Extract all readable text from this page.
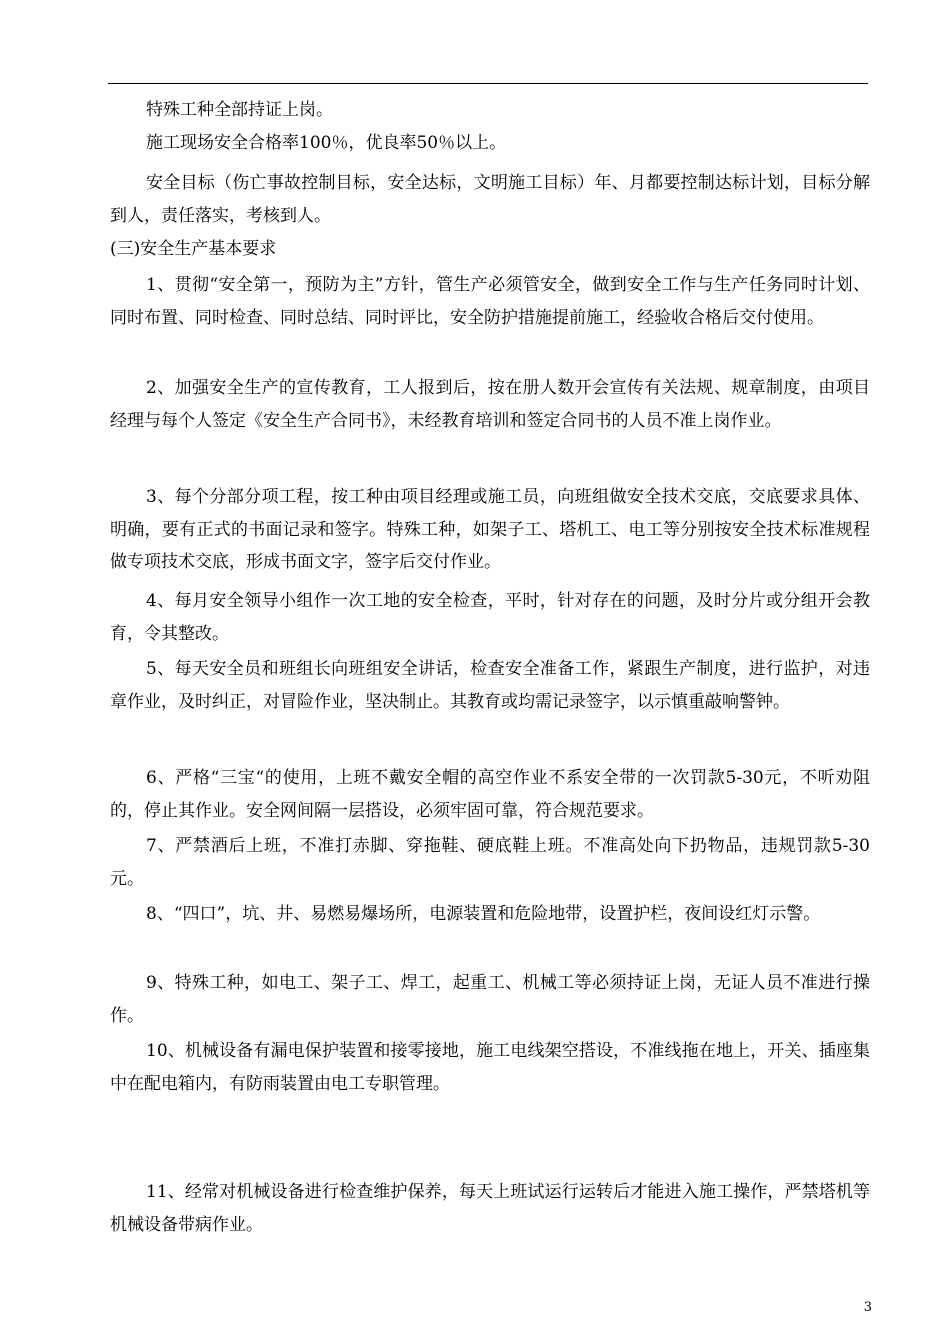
特殊工种全部持证上岗。
施工现场安全合格率100％，优良率50％以上。
安全目标（伤亡事故控制目标，安全达标，文明施工目标）年、月都要控制达标计划，目标分解到人，责任落实，考核到人。
(三)安全生产基本要求
1、贯彻“安全第一，预防为主”方针，管生产必须管安全，做到安全工作与生产任务同时计划、同时布置、同时检查、同时总结、同时评比，安全防护措施提前施工，经验收合格后交付使用。
2、加强安全生产的宣传教育，工人报到后，按在册人数开会宣传有关法规、规章制度，由项目经理与每个人签定《安全生产合同书》，未经教育培训和签定合同书的人员不准上岗作业。
3、每个分部分项工程，按工种由项目经理或施工员，向班组做安全技术交底，交底要求具体、明确，要有正式的书面记录和签字。特殊工种，如架子工、塔机工、电工等分别按安全技术标准规程做专项技术交底，形成书面文字，签字后交付作业。
4、每月安全领导小组作一次工地的安全检查，平时，针对存在的问题，及时分片或分组开会教育，令其整改。
5、每天安全员和班组长向班组安全讲话，检查安全准备工作，紧跟生产制度，进行监护，对违章作业，及时纠正，对冒险作业，坚决制止。其教育或均需记录签字，以示慎重敲响警钟。
6、严格“三宝“的使用，上班不戴安全帽的高空作业不系安全带的一次罚款5-30元，不听劝阻的，停止其作业。安全网间隔一层搭设，必须牢固可靠，符合规范要求。
7、严禁酒后上班，不准打赤脚、穿拖鞋、硬底鞋上班。不准高处向下扔物品，违规罚款5-30元。
8、“四口”，坑、井、易燃易爆场所，电源装置和危险地带，设置护栏，夜间设红灯示警。
9、特殊工种，如电工、架子工、焊工，起重工、机械工等必须持证上岗，无证人员不准进行操作。
10、机械设备有漏电保护装置和接零接地，施工电线架空搭设，不准线拖在地上，开关、插座集中在配电箱内，有防雨装置由电工专职管理。
11、经常对机械设备进行检查维护保养，每天上班试运行运转后才能进入施工操作，严禁塔机等机械设备带病作业。
3
